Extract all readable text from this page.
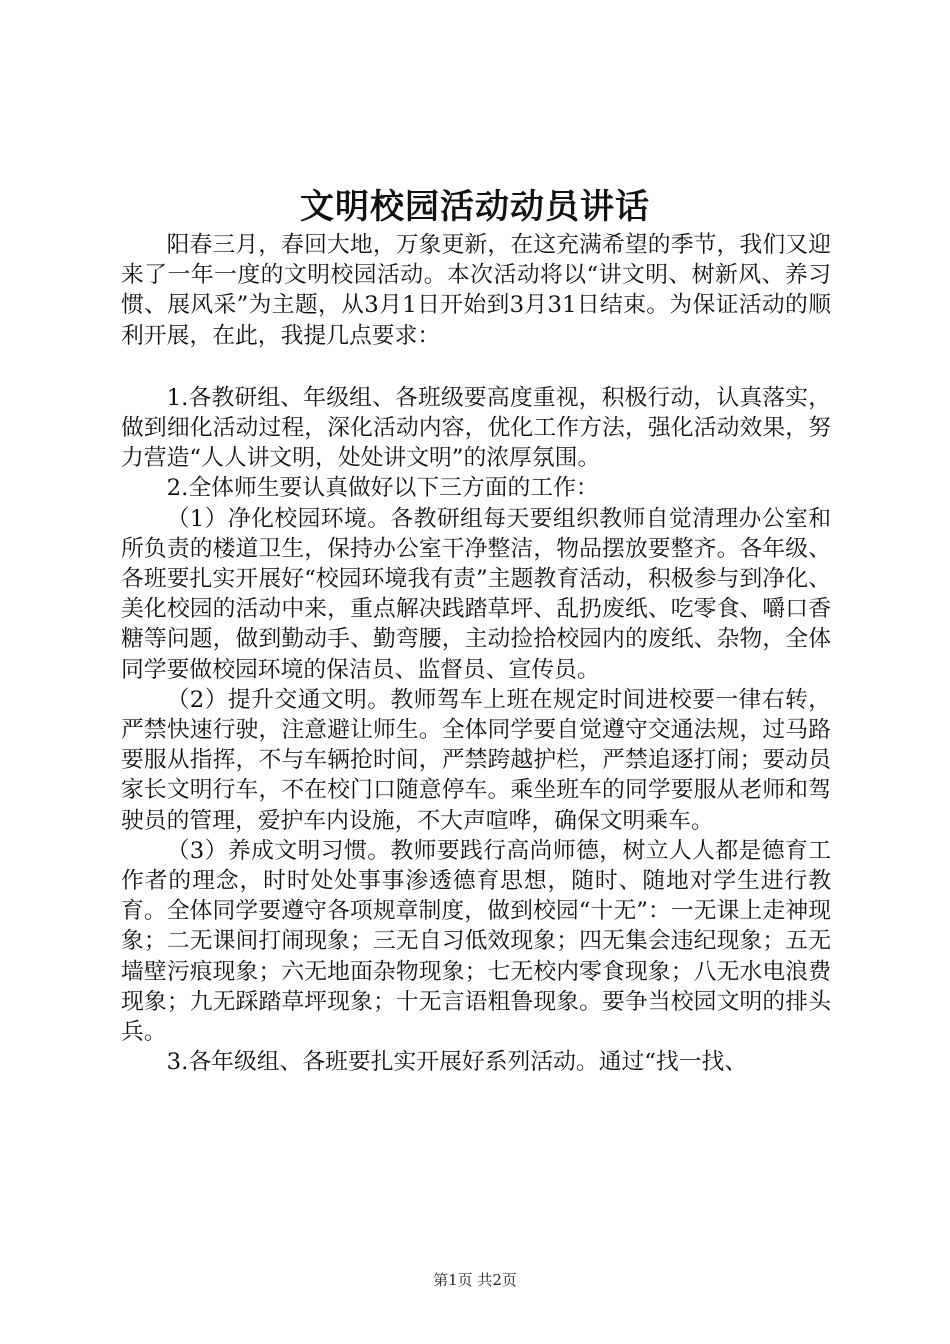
文明校园活动动员讲话

阳春三月，春回大地，万象更新，在这充满希望的季节，我们又迎来了一年一度的文明校园活动。本次活动将以“讲文明、树新风、养习惯、展风采”为主题，从3月1日开始到3月31日结束。为保证活动的顺利开展，在此，我提几点要求：

1.各教研组、年级组、各班级要高度重视，积极行动，认真落实，做到细化活动过程，深化活动内容，优化工作方法，强化活动效果，努力营造“人人讲文明，处处讲文明”的浓厚氛围。

2.全体师生要认真做好以下三方面的工作：

（1）净化校园环境。各教研组每天要组织教师自觉清理办公室和所负责的楼道卫生，保持办公室干净整洁，物品摆放要整齐。各年级、各班要扎实开展好“校园环境我有责”主题教育活动，积极参与到净化、美化校园的活动中来，重点解决践踏草坪、乱扔废纸、吃零食、嚼口香糖等问题，做到勤动手、勤弯腰，主动捡拾校园内的废纸、杂物，全体同学要做校园环境的保洁员、监督员、宣传员。

（2）提升交通文明。教师驾车上班在规定时间进校要一律右转，严禁快速行驶，注意避让师生。全体同学要自觉遵守交通法规，过马路要服从指挥，不与车辆抢时间，严禁跨越护栏，严禁追逐打闹；要动员家长文明行车，不在校门口随意停车。乘坐班车的同学要服从老师和驾驶员的管理，爱护车内设施，不大声喧哗，确保文明乘车。

（3）养成文明习惯。教师要践行高尚师德，树立人人都是德育工作者的理念，时时处处事事渗透德育思想，随时、随地对学生进行教育。全体同学要遵守各项规章制度，做到校园“十无”：一无课上走神现象；二无课间打闹现象；三无自习低效现象；四无集会违纪现象；五无墙壁污痕现象；六无地面杂物现象；七无校内零食现象；八无水电浪费现象；九无踩踏草坪现象；十无言语粗鲁现象。要争当校园文明的排头兵。

3.各年级组、各班要扎实开展好系列活动。通过“找一找、

第1页 共2页
